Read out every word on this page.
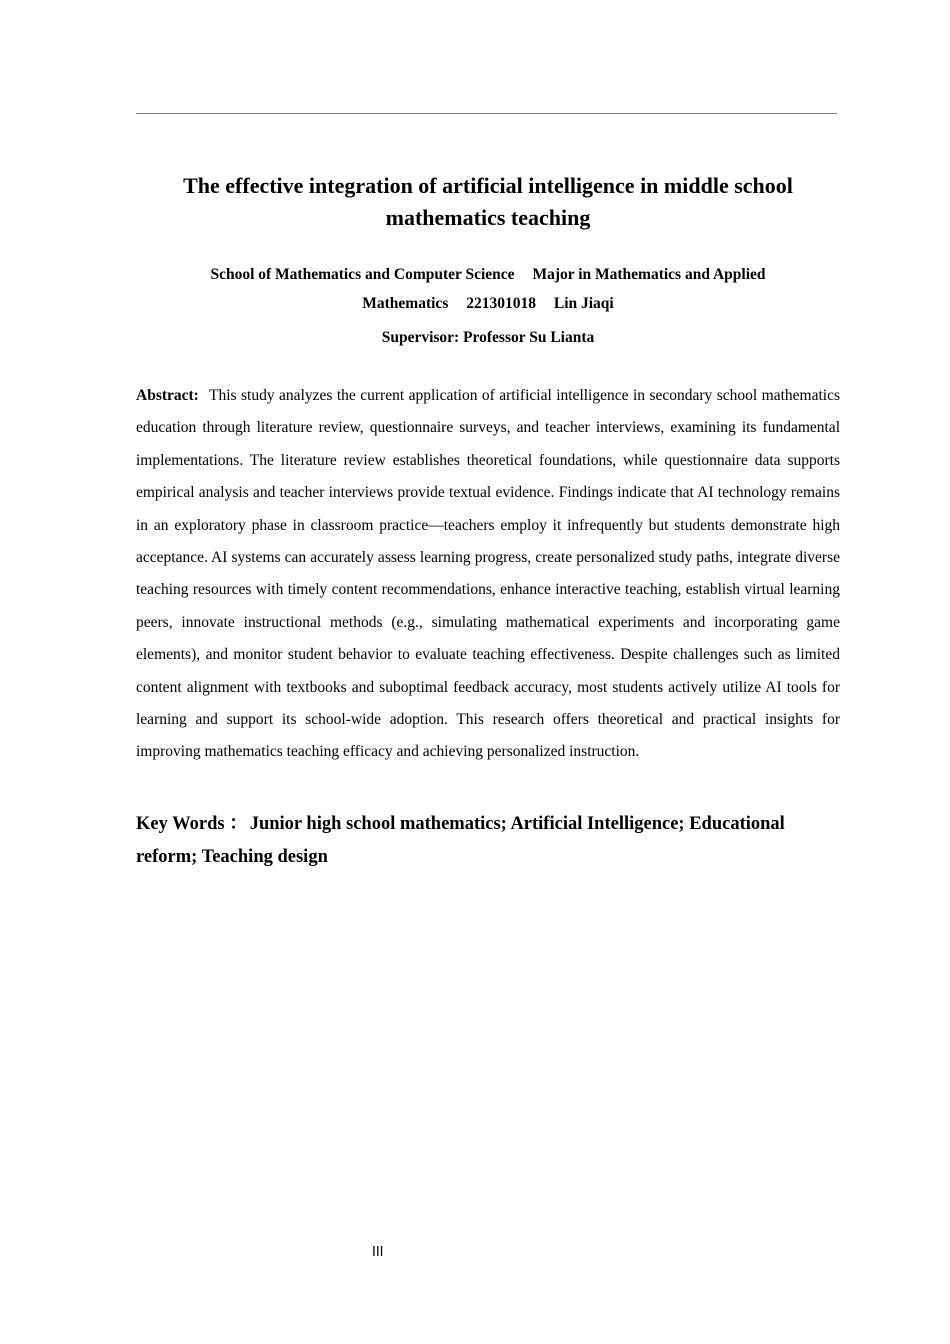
The effective integration of artificial intelligence in middle school mathematics teaching
School of Mathematics and Computer Science Major in Mathematics and Applied
Mathematics 221301018 Lin Jiaqi
Supervisor: Professor Su Lianta

Abstract: This study analyzes the current application of artificial intelligence in secondary school mathematics education through literature review, questionnaire surveys, and teacher interviews, examining its fundamental implementations. The literature review establishes theoretical foundations, while questionnaire data supports empirical analysis and teacher interviews provide textual evidence. Findings indicate that AI technology remains in an exploratory phase in classroom practice—teachers employ it infrequently but students demonstrate high acceptance. AI systems can accurately assess learning progress, create personalized study paths, integrate diverse teaching resources with timely content recommendations, enhance interactive teaching, establish virtual learning peers, innovate instructional methods (e.g., simulating mathematical experiments and incorporating game elements), and monitor student behavior to evaluate teaching effectiveness. Despite challenges such as limited content alignment with textbooks and suboptimal feedback accuracy, most students actively utilize AI tools for learning and support its school-wide adoption. This research offers theoretical and practical insights for improving mathematics teaching efficacy and achieving personalized instruction.

Key Words ： Junior high school mathematics; Artificial Intelligence; Educational reform; Teaching design

III
